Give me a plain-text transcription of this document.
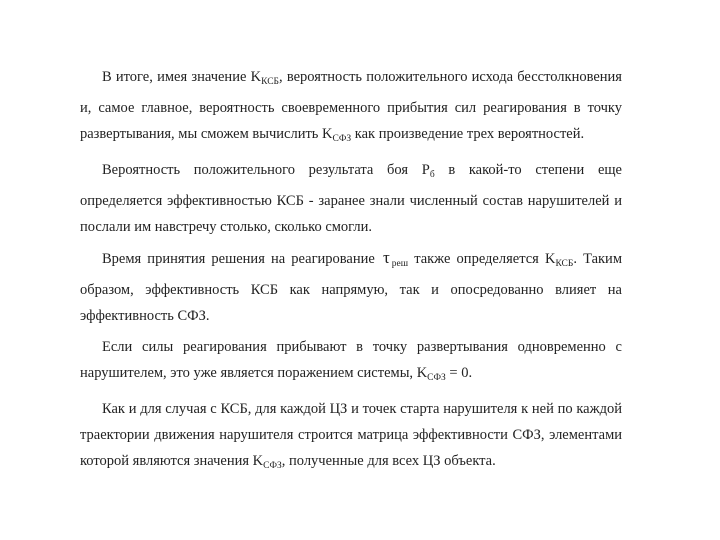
В итоге, имея значение $K_{КСБ}$, вероятность положительного исхода бесстолкновения и, самое главное, вероятность своевременного прибытия сил реагирования в точку развертывания, мы сможем вычислить $K_{СФЗ}$ как произведение трех вероятностей.

Вероятность положительного результата боя $P_б$ в какой-то степени еще определяется эффективностью КСБ - заранее знали численный состав нарушителей и послали им навстречу столько, сколько смогли.

Время принятия решения на реагирование τ $_{реш}$ также определяется $K_{КСБ}$. Таким образом, эффективность КСБ как напрямую, так и опосредованно влияет на эффективность СФЗ.

Если силы реагирования прибывают в точку развертывания одновременно с нарушителем, это уже является поражением системы, $K_{СФЗ} = 0$.

Как и для случая с КСБ, для каждой ЦЗ и точек старта нарушителя к ней по каждой траектории движения нарушителя строится матрица эффективности СФЗ, элементами которой являются значения $K_{СФЗ}$, полученные для всех ЦЗ объекта.
